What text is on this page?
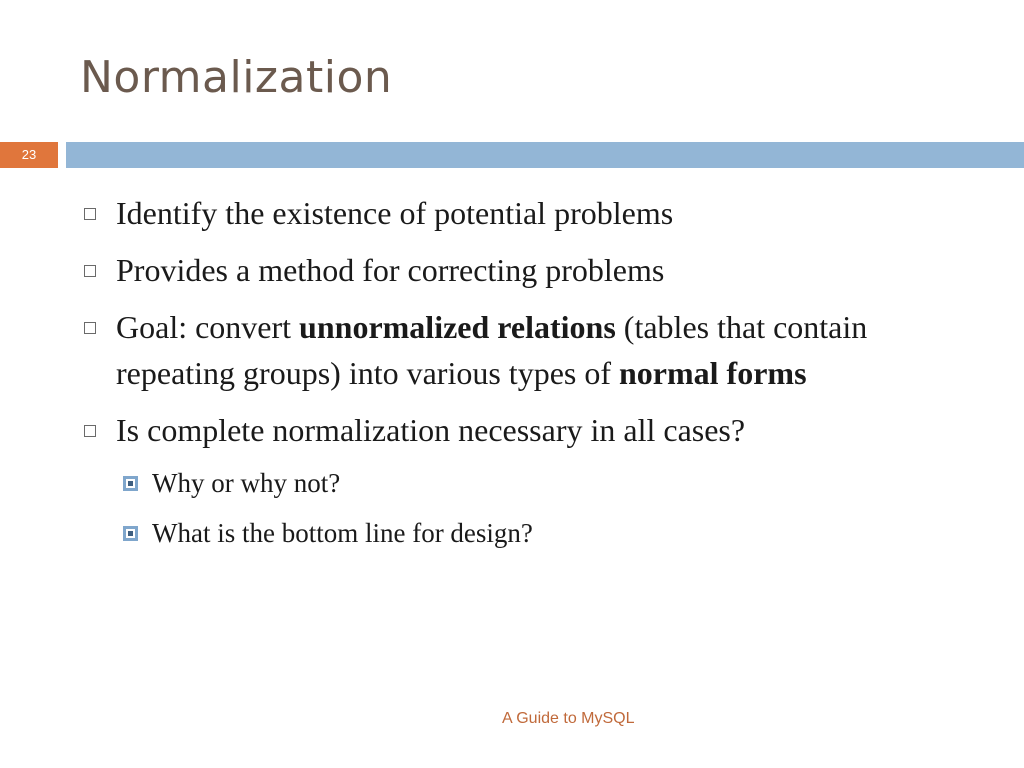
Normalization
23
Identify the existence of potential problems
Provides a method for correcting problems
Goal: convert unnormalized relations (tables that contain repeating groups) into various types of normal forms
Is complete normalization necessary in all cases?
Why or why not?
What is the bottom line for design?
A Guide to MySQL
